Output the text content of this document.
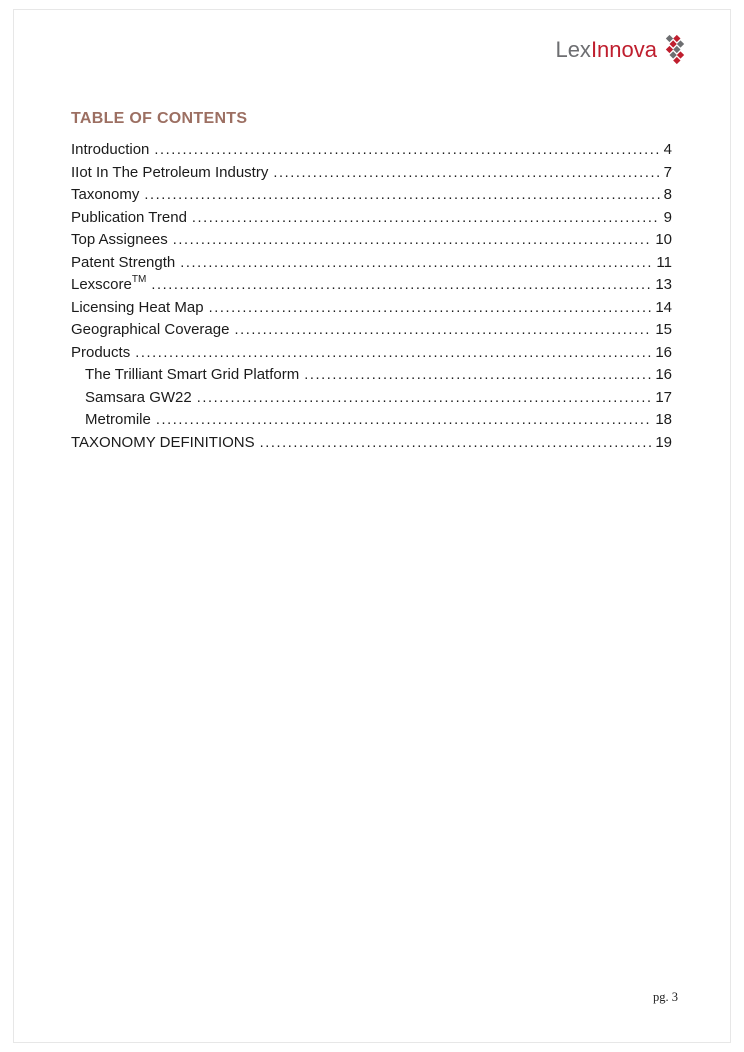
LexInnova
TABLE OF CONTENTS
Introduction .....	4
IIot In The Petroleum Industry .....	7
Taxonomy .....	8
Publication Trend .....	9
Top Assignees .....	10
Patent Strength .....	11
Lexscore™ .....	13
Licensing Heat Map .....	14
Geographical Coverage .....	15
Products .....	16
The Trilliant Smart Grid Platform .....	16
Samsara GW22 .....	17
Metromile .....	18
TAXONOMY DEFINITIONS .....	19
pg. 3
